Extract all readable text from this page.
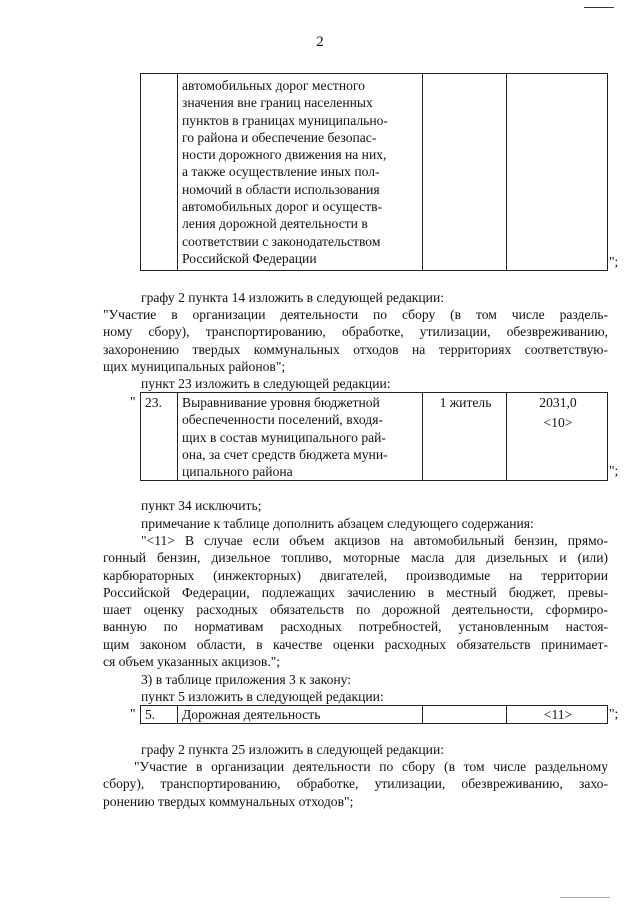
2

автомобильных дорог местного
значения вне границ населенных
пунктов в границах муниципально-
го района и обеспечение безопас-
ности дорожного движения на них,
а также осуществление иных пол-
номочий в области использования
автомобильных дорог и осуществ-
ления дорожной деятельности в
соответствии с законодательством
Российской Федерации
			";
графу 2 пункта 14 изложить в следующей редакции:
"Участие в организации деятельности по сбору (в том числе раздель-
ному сбору), транспортированию, обработке, утилизации, обезвреживанию,
захоронению твердых коммунальных отходов на территориях соответствую-
щих муниципальных районов";
пункт 23 изложить в следующей редакции:
" 23.	Выравнивание уровня бюджетной
обеспеченности поселений, входя-
щих в состав муниципального рай-
она, за счет средств бюджета муни-
ципального района
	1 житель	2031,0
<10>
";
пункт 34 исключить;
примечание к таблице дополнить абзацем следующего содержания:
"<11> В случае если объем акцизов на автомобильный бензин, прямо-
гонный бензин, дизельное топливо, моторные масла для дизельных и (или)
карбюраторных (инжекторных) двигателей, производимые на территории
Российской Федерации, подлежащих зачислению в местный бюджет, превы-
шает оценку расходных обязательств по дорожной деятельности, сформиро-
ванную по нормативам расходных потребностей, установленным настоя-
щим законом области, в качестве оценки расходных обязательств принимает-
ся объем указанных акцизов.";
3) в таблице приложения 3 к закону:
пункт 5 изложить в следующей редакции:
" 5.	Дорожная деятельность		<11>	";
графу 2 пункта 25 изложить в следующей редакции:
"Участие в организации деятельности по сбору (в том числе раздельному
сбору), транспортированию, обработке, утилизации, обезвреживанию, захо-
ронению твердых коммунальных отходов";
